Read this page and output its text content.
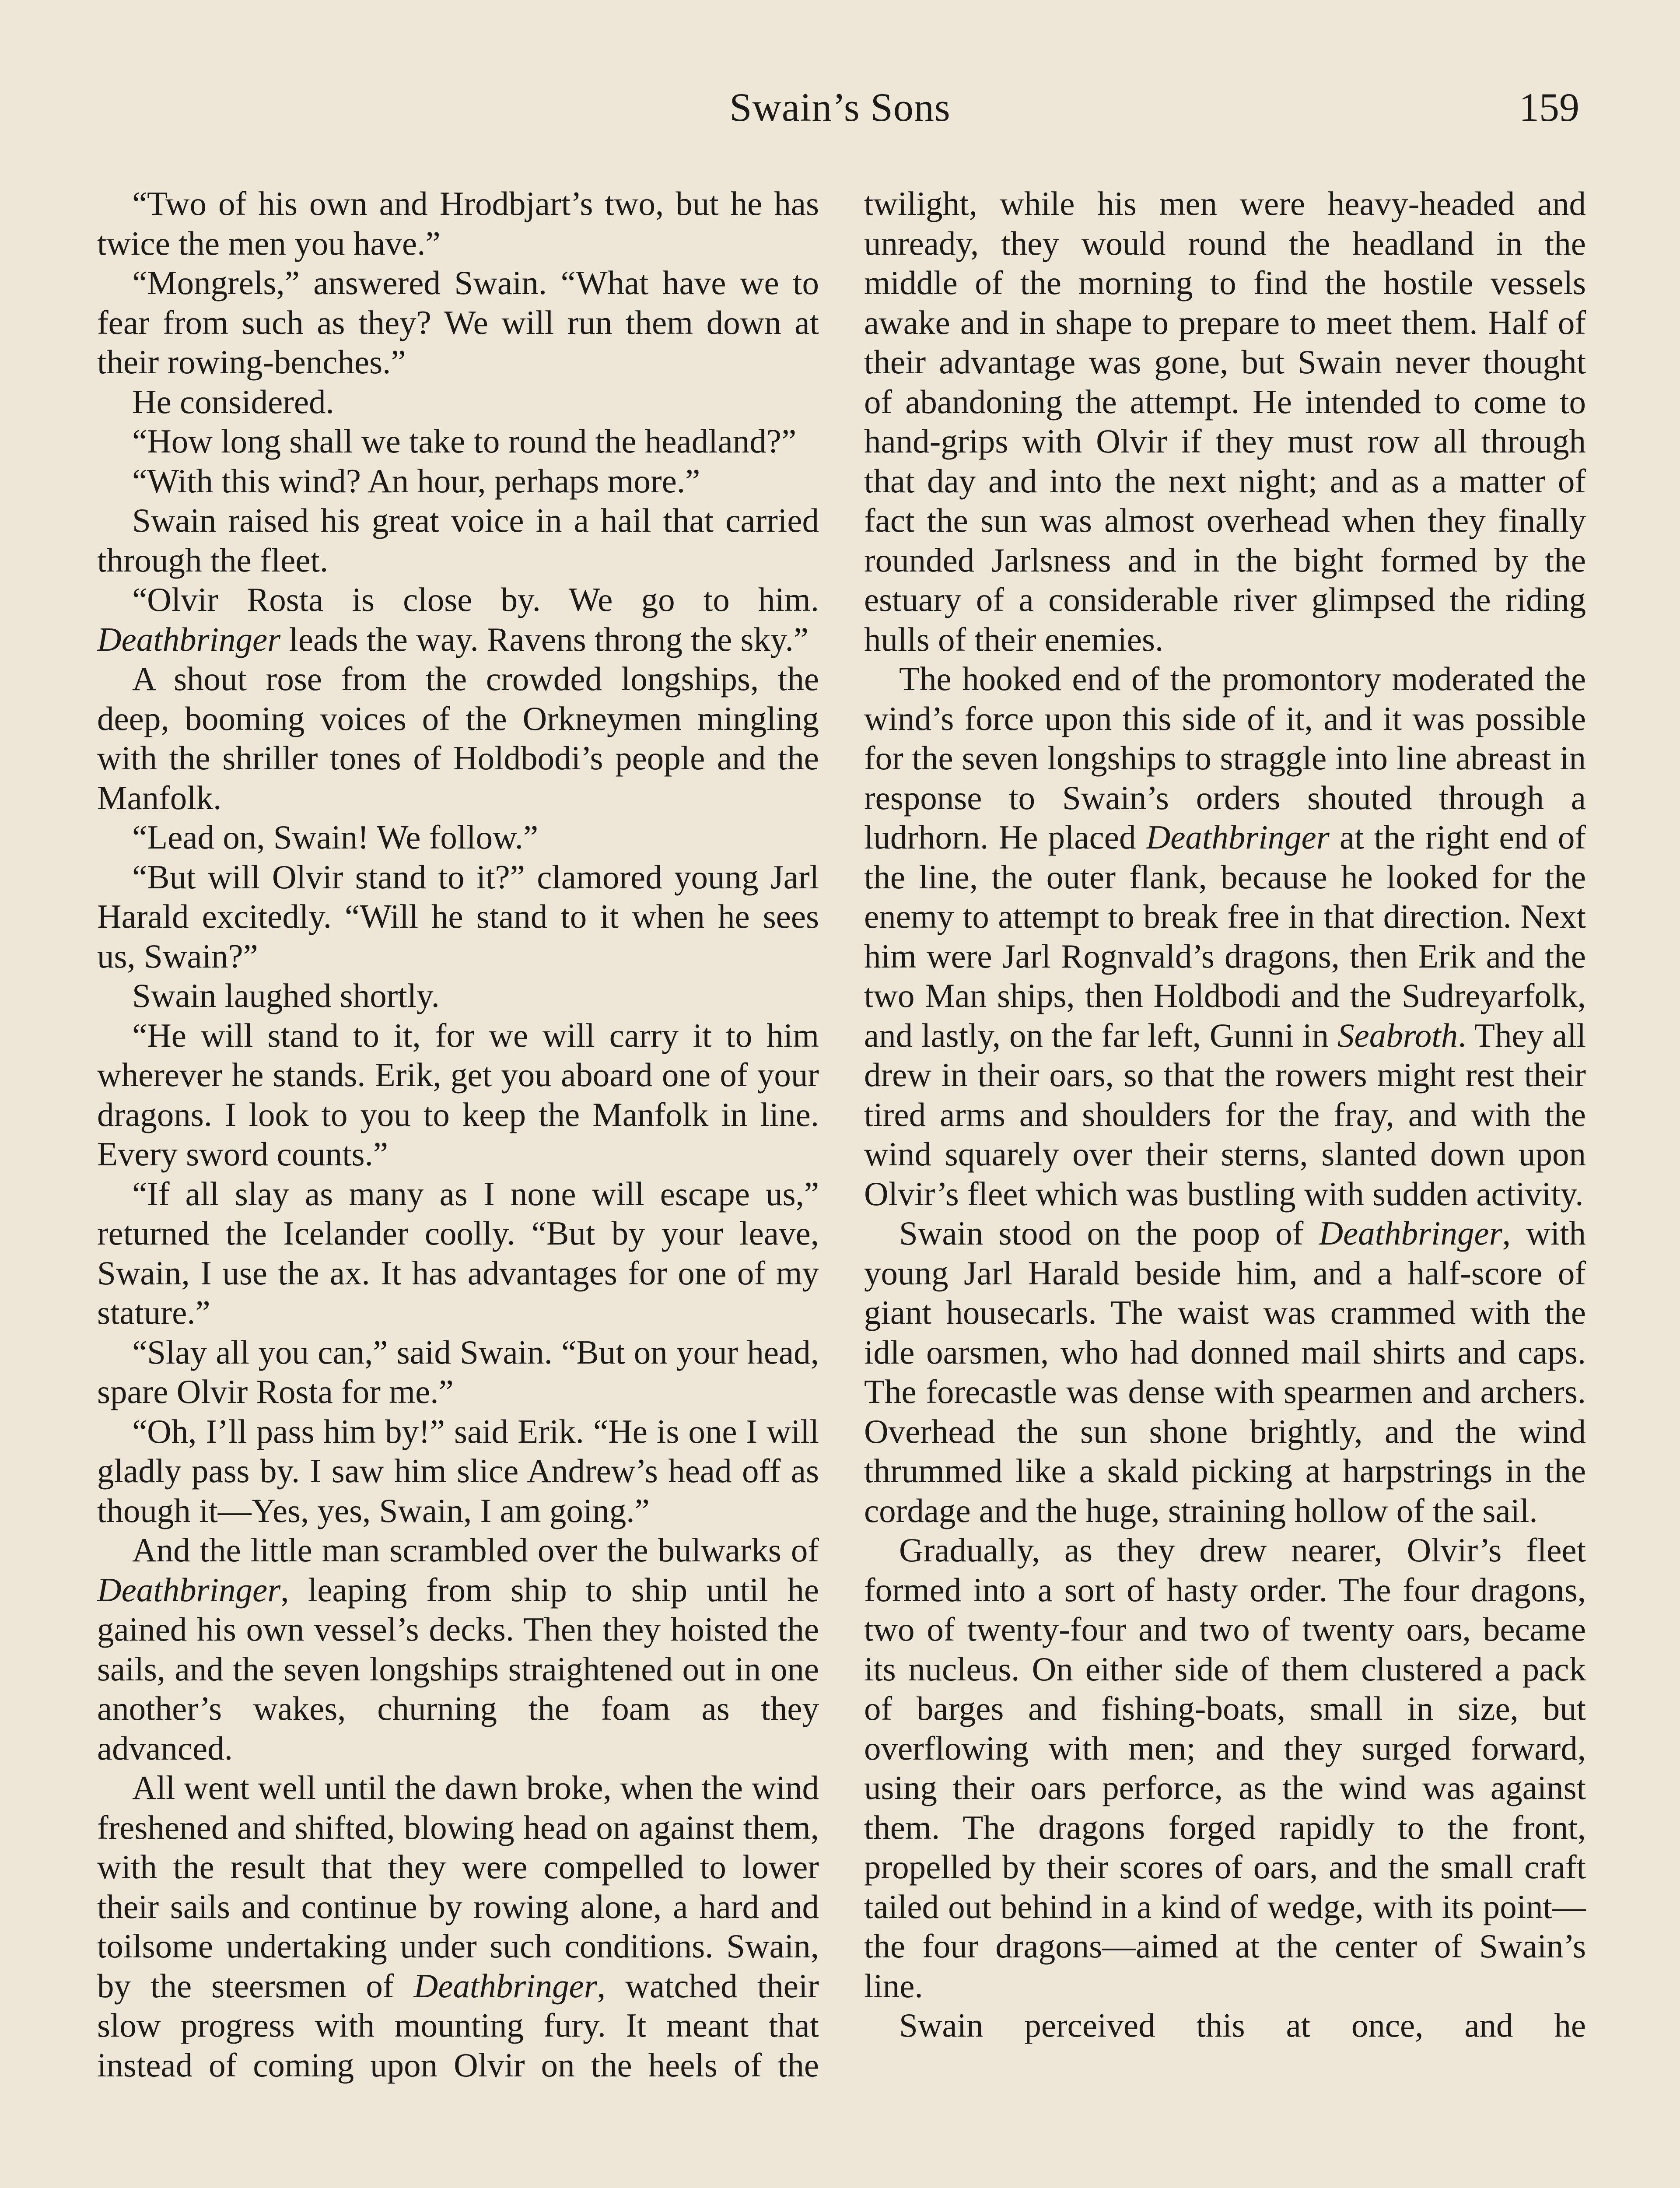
Swain’s Sons	159

“Two of his own and Hrodbjart’s two, but he has twice the men you have.”

“Mongrels,” answered Swain. “What have we to fear from such as they? We will run them down at their rowing-benches.”

He considered.

“How long shall we take to round the headland?”

“With this wind? An hour, perhaps more.”

Swain raised his great voice in a hail that carried through the fleet.

“Olvir Rosta is close by. We go to him. Deathbringer leads the way. Ravens throng the sky.”

A shout rose from the crowded longships, the deep, booming voices of the Orkneymen mingling with the shriller tones of Holdbodi’s people and the Manfolk.

“Lead on, Swain! We follow.”

“But will Olvir stand to it?” clamored young Jarl Harald excitedly. “Will he stand to it when he sees us, Swain?”

Swain laughed shortly.

“He will stand to it, for we will carry it to him wherever he stands. Erik, get you aboard one of your dragons. I look to you to keep the Manfolk in line. Every sword counts.”

“If all slay as many as I none will escape us,” returned the Icelander coolly. “But by your leave, Swain, I use the ax. It has advantages for one of my stature.”

“Slay all you can,” said Swain. “But on your head, spare Olvir Rosta for me.”

“Oh, I’ll pass him by!” said Erik. “He is one I will gladly pass by. I saw him slice Andrew’s head off as though it—Yes, yes, Swain, I am going.”

And the little man scrambled over the bulwarks of Deathbringer, leaping from ship to ship until he gained his own vessel’s decks. Then they hoisted the sails, and the seven longships straightened out in one another’s wakes, churning the foam as they advanced.

All went well until the dawn broke, when the wind freshened and shifted, blowing head on against them, with the result that they were compelled to lower their sails and continue by rowing alone, a hard and toilsome undertaking under such conditions. Swain, by the steersmen of Deathbringer, watched their slow progress with mounting fury. It meant that instead of coming upon Olvir on the heels of the

twilight, while his men were heavy-headed and unready, they would round the headland in the middle of the morning to find the hostile vessels awake and in shape to prepare to meet them. Half of their advantage was gone, but Swain never thought of abandoning the attempt. He intended to come to hand-grips with Olvir if they must row all through that day and into the next night; and as a matter of fact the sun was almost overhead when they finally rounded Jarlsness and in the bight formed by the estuary of a considerable river glimpsed the riding hulls of their enemies.

The hooked end of the promontory moderated the wind’s force upon this side of it, and it was possible for the seven longships to straggle into line abreast in response to Swain’s orders shouted through a ludrhorn. He placed Deathbringer at the right end of the line, the outer flank, because he looked for the enemy to attempt to break free in that direction. Next him were Jarl Rognvald’s dragons, then Erik and the two Man ships, then Holdbodi and the Sudreyarfolk, and lastly, on the far left, Gunni in Seabroth. They all drew in their oars, so that the rowers might rest their tired arms and shoulders for the fray, and with the wind squarely over their sterns, slanted down upon Olvir’s fleet which was bustling with sudden activity.

Swain stood on the poop of Deathbringer, with young Jarl Harald beside him, and a half-score of giant housecarls. The waist was crammed with the idle oarsmen, who had donned mail shirts and caps. The forecastle was dense with spearmen and archers. Overhead the sun shone brightly, and the wind thrummed like a skald picking at harpstrings in the cordage and the huge, straining hollow of the sail.

Gradually, as they drew nearer, Olvir’s fleet formed into a sort of hasty order. The four dragons, two of twenty-four and two of twenty oars, became its nucleus. On either side of them clustered a pack of barges and fishing-boats, small in size, but overflowing with men; and they surged forward, using their oars perforce, as the wind was against them. The dragons forged rapidly to the front, propelled by their scores of oars, and the small craft tailed out behind in a kind of wedge, with its point—the four dragons—aimed at the center of Swain’s line.

Swain perceived this at once, and he
